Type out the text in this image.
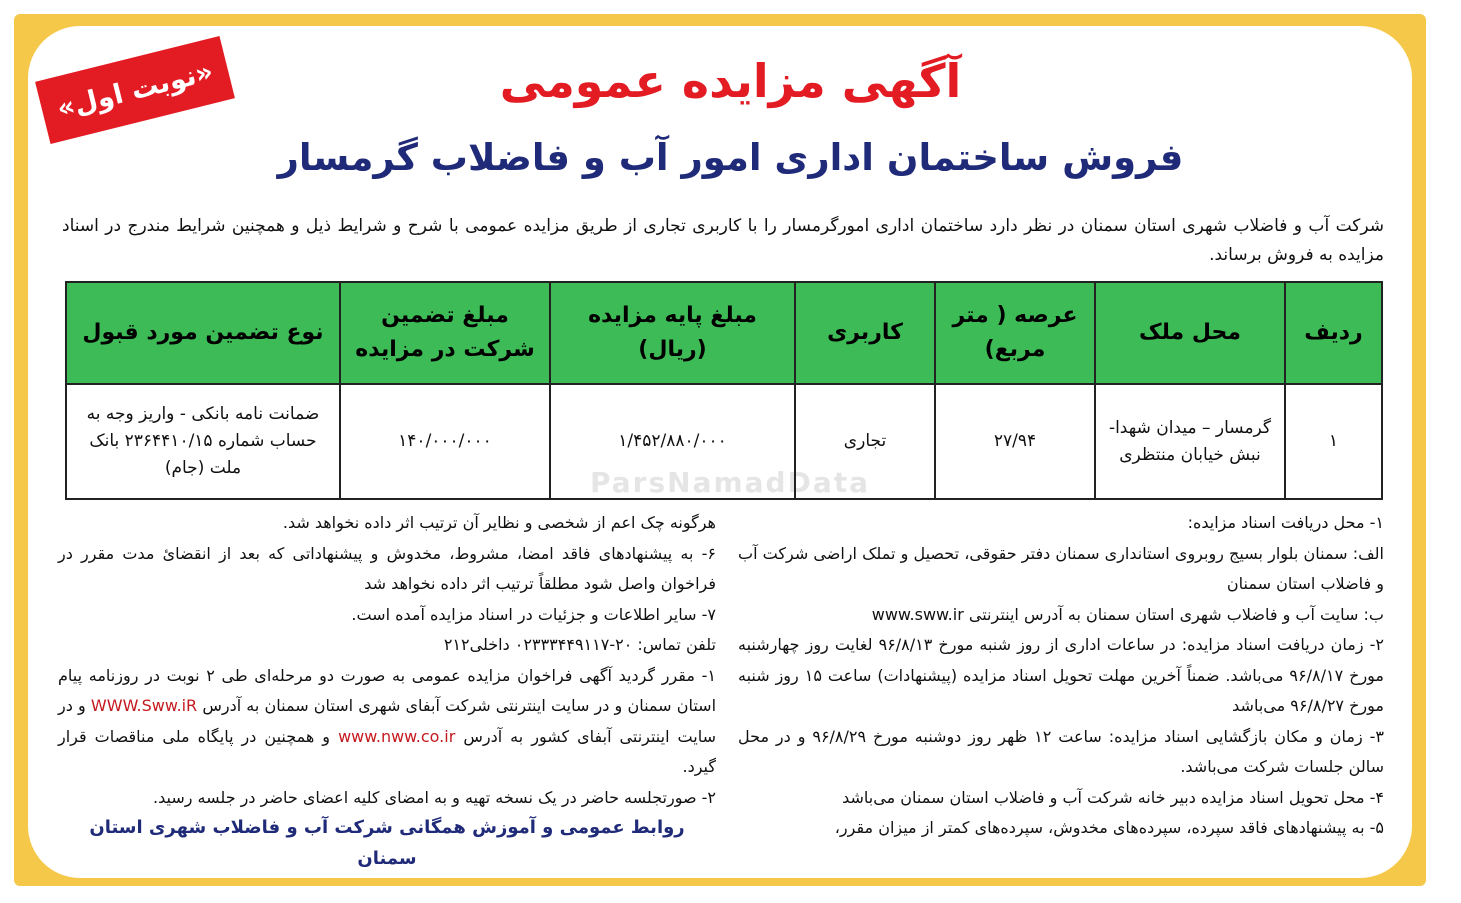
«نوبت اول»	آگهی مزایده عمومی
فروش ساختمان اداری امور آب و فاضلاب گرمسار
شرکت آب و فاضلاب شهری استان سمنان در نظر دارد ساختمان اداری امورگرمسار را با کاربری تجاری از طریق مزایده عمومی با شرح و شرایط ذیل و همچنین شرایط مندرج در اسناد مزایده به فروش برساند.
ParsNamadData
ردیف	محل ملک	عرصه ( متر مربع)	کاربری	مبلغ پایه مزایده (ریال)	مبلغ تضمین شرکت در مزایده	نوع تضمین مورد قبول
۱	گرمسار – میدان شهدا- نبش خیابان منتظری	۲۷/۹۴	تجاری	۱/۴۵۲/۸۸۰/۰۰۰	۱۴۰/۰۰۰/۰۰۰	ضمانت نامه بانکی - واریز وجه به حساب شماره ۲۳۶۴۴۱۰/۱۵ بانک ملت (جام)

۱- محل دریافت اسناد مزایده:

الف: سمنان بلوار بسیج روبروی استانداری سمنان دفتر حقوقی، تحصیل و تملک اراضی شرکت آب و فاضلاب استان سمنان

ب: سایت آب و فاضلاب شهری استان سمنان به آدرس اینترنتی www.sww.ir

۲- زمان دریافت اسناد مزایده: در ساعات اداری از روز شنبه مورخ ۹۶/۸/۱۳ لغایت روز چهارشنبه مورخ ۹۶/۸/۱۷ می‌باشد. ضمناً آخرین مهلت تحویل اسناد مزایده (پیشنهادات) ساعت ۱۵ روز شنبه مورخ ۹۶/۸/۲۷ می‌باشد

۳- زمان و مکان بازگشایی اسناد مزایده: ساعت ۱۲ ظهر روز دوشنبه مورخ ۹۶/۸/۲۹ و در محل سالن جلسات شرکت می‌باشد.

۴- محل تحویل اسناد مزایده دبیر خانه شرکت آب و فاضلاب استان سمنان می‌باشد

۵- به پیشنهادهای فاقد سپرده، سپرده‌های مخدوش، سپرده‌های کمتر از میزان مقرر،

هرگونه چک اعم از شخصی و نظایر آن ترتیب اثر داده نخواهد شد.

۶- به پیشنهادهای فاقد امضا، مشروط، مخدوش و پیشنهاداتی که بعد از انقضائ مدت مقرر در فراخوان واصل شود مطلقاً ترتیب اثر داده نخواهد شد

۷- سایر اطلاعات و جزئیات در اسناد مزایده آمده است.

تلفن تماس: ۲۰-۰۲۳۳۳۴۴۹۱۱۷ داخلی۲۱۲

۱- مقرر گردید آگهی فراخوان مزایده عمومی به صورت دو مرحله‌ای طی ۲ نوبت در روزنامه پیام استان سمنان و در سایت اینترنتی شرکت آبفای شهری استان سمنان به آدرس WWW.Sww.iR و در سایت اینترنتی آبفای کشور به آدرس www.nww.co.ir و همچنین در پایگاه ملی مناقصات قرار گیرد.

۲- صورتجلسه حاضر در یک نسخه تهیه و به امضای کلیه اعضای حاضر در جلسه رسید.

روابط عمومی و آموزش همگانی شرکت آب و فاضلاب شهری استان سمنان
